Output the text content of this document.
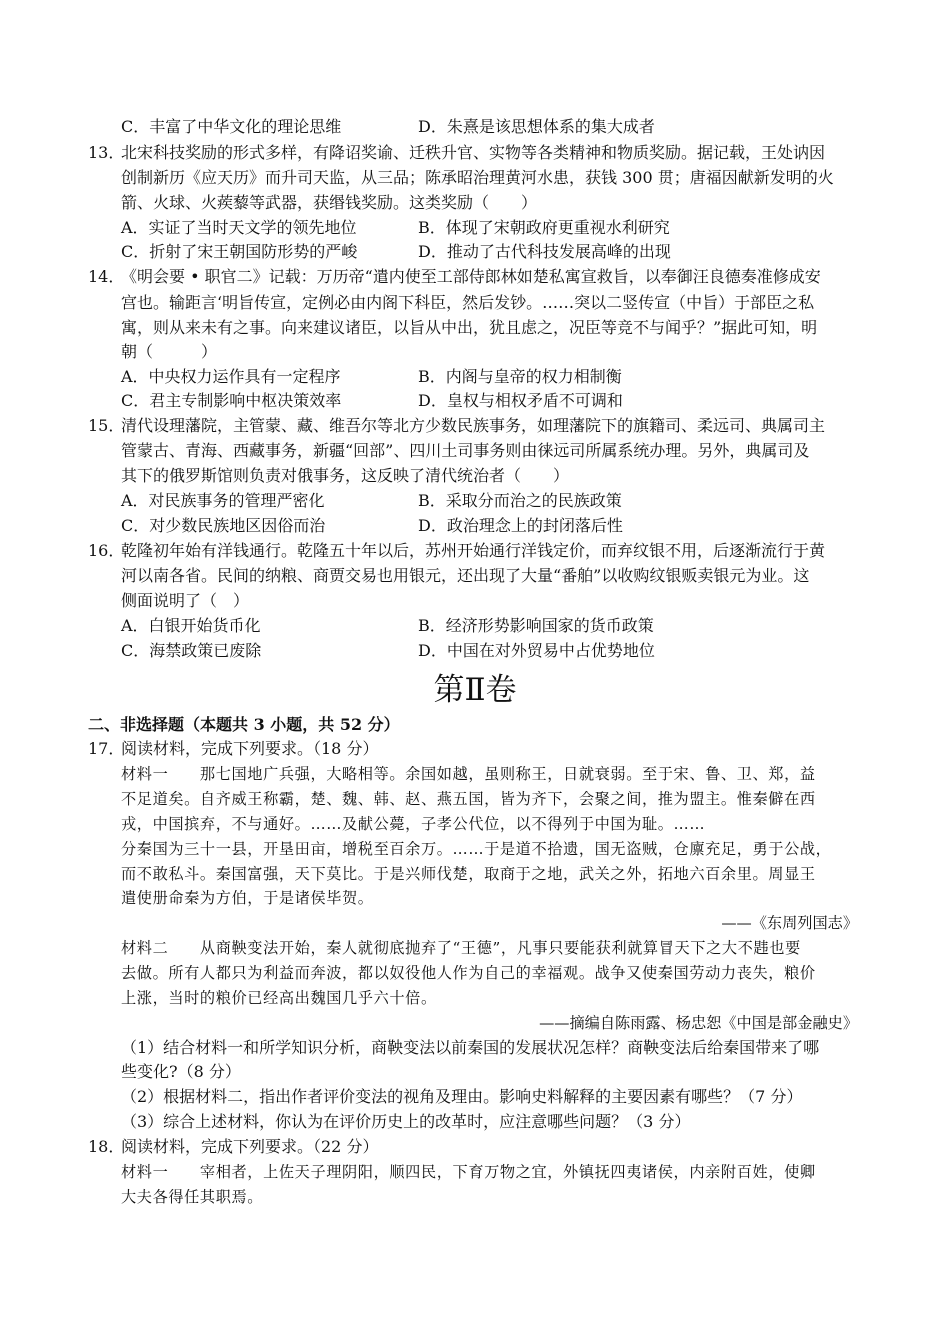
C．丰富了中华文化的理论思维	D．朱熹是该思想体系的集大成者
13．
北宋科技奖励的形式多样，有降诏奖谕、迁秩升官、实物等各类精神和物质奖励。据记载，王处讷因
创制新历《应天历》而升司天监，从三品；陈承昭治理黄河水患，获钱 300 贯；唐福因献新发明的火
箭、火球、火蒺藜等武器，获缗钱奖励。这类奖励（　　）
A．实证了当时天文学的领先地位	B．体现了宋朝政府更重视水利研究
C．折射了宋王朝国防形势的严峻	D．推动了古代科技发展高峰的出现
14．
《明会要 • 职官二》记载：万历帝“遣内使至工部侍郎林如楚私寓宣救旨，以奉御汪良德奏准修成安
宫也。输距言‘明旨传宣，定例必由内阁下科臣，然后发钞。……突以二竖传宣（中旨）于部臣之私
寓，则从来未有之事。向来建议诸臣，以旨从中出，犹且虑之，况臣等竞不与闻乎？”据此可知，明
朝（　　　）
A．中央权力运作具有一定程序	B．内阁与皇帝的权力相制衡
C．君主专制影响中枢决策效率	D．皇权与相权矛盾不可调和
15．
清代设理藩院，主管蒙、藏、维吾尔等北方少数民族事务，如理藩院下的旗籍司、柔远司、典属司主
管蒙古、青海、西藏事务，新疆“回部”、四川土司事务则由徕远司所属系统办理。另外，典属司及
其下的俄罗斯馆则负责对俄事务，这反映了清代统治者（　　）
A．对民族事务的管理严密化	B．采取分而治之的民族政策
C．对少数民族地区因俗而治	D．政治理念上的封闭落后性
16．
乾隆初年始有洋钱通行。乾隆五十年以后，苏州开始通行洋钱定价，而弃纹银不用，后逐渐流行于黄
河以南各省。民间的纳粮、商贾交易也用银元，还出现了大量“番舶”以收购纹银贩卖银元为业。这
侧面说明了（　）
A．白银开始货币化	B．经济形势影响国家的货币政策
C．海禁政策已废除	D．中国在对外贸易中占优势地位
第Ⅱ卷
二、非选择题（本题共 3 小题，共 52 分）
17．
阅读材料，完成下列要求。（18 分）
材料一　　那七国地广兵强，大略相等。余国如越，虽则称王，日就衰弱。至于宋、鲁、卫、郑，益
不足道矣。自齐威王称霸，楚、魏、韩、赵、燕五国，皆为齐下，会聚之间，推为盟主。惟秦僻在西
戎，中国摈弃，不与通好。……及献公薨，子孝公代位，以不得列于中国为耻。……
分秦国为三十一县，开垦田亩，增税至百余万。……于是道不拾遗，国无盗贼，仓廪充足，勇于公战，
而不敢私斗。秦国富强，天下莫比。于是兴师伐楚，取商于之地，武关之外，拓地六百余里。周显王
遣使册命秦为方伯，于是诸侯毕贺。
——《东周列国志》
材料二　　从商鞅变法开始，秦人就彻底抛弃了“王德”，凡事只要能获利就算冒天下之大不韪也要
去做。所有人都只为利益而奔波，都以奴役他人作为自己的幸福观。战争又使秦国劳动力丧失，粮价
上涨，当时的粮价已经高出魏国几乎六十倍。
——摘编自陈雨露、杨忠恕《中国是部金融史》
（1）结合材料一和所学知识分析，商鞅变法以前秦国的发展状况怎样？商鞅变法后给秦国带来了哪
些变化?（8 分）
（2）根据材料二，指出作者评价变法的视角及理由。影响史料解释的主要因素有哪些？（7 分）
（3）综合上述材料，你认为在评价历史上的改革时，应注意哪些问题？（3 分）
18．
阅读材料，完成下列要求。（22 分）
材料一　　宰相者，上佐天子理阴阳，顺四民，下育万物之宜，外镇抚四夷诸侯，内亲附百姓，使卿
大夫各得任其职焉。
